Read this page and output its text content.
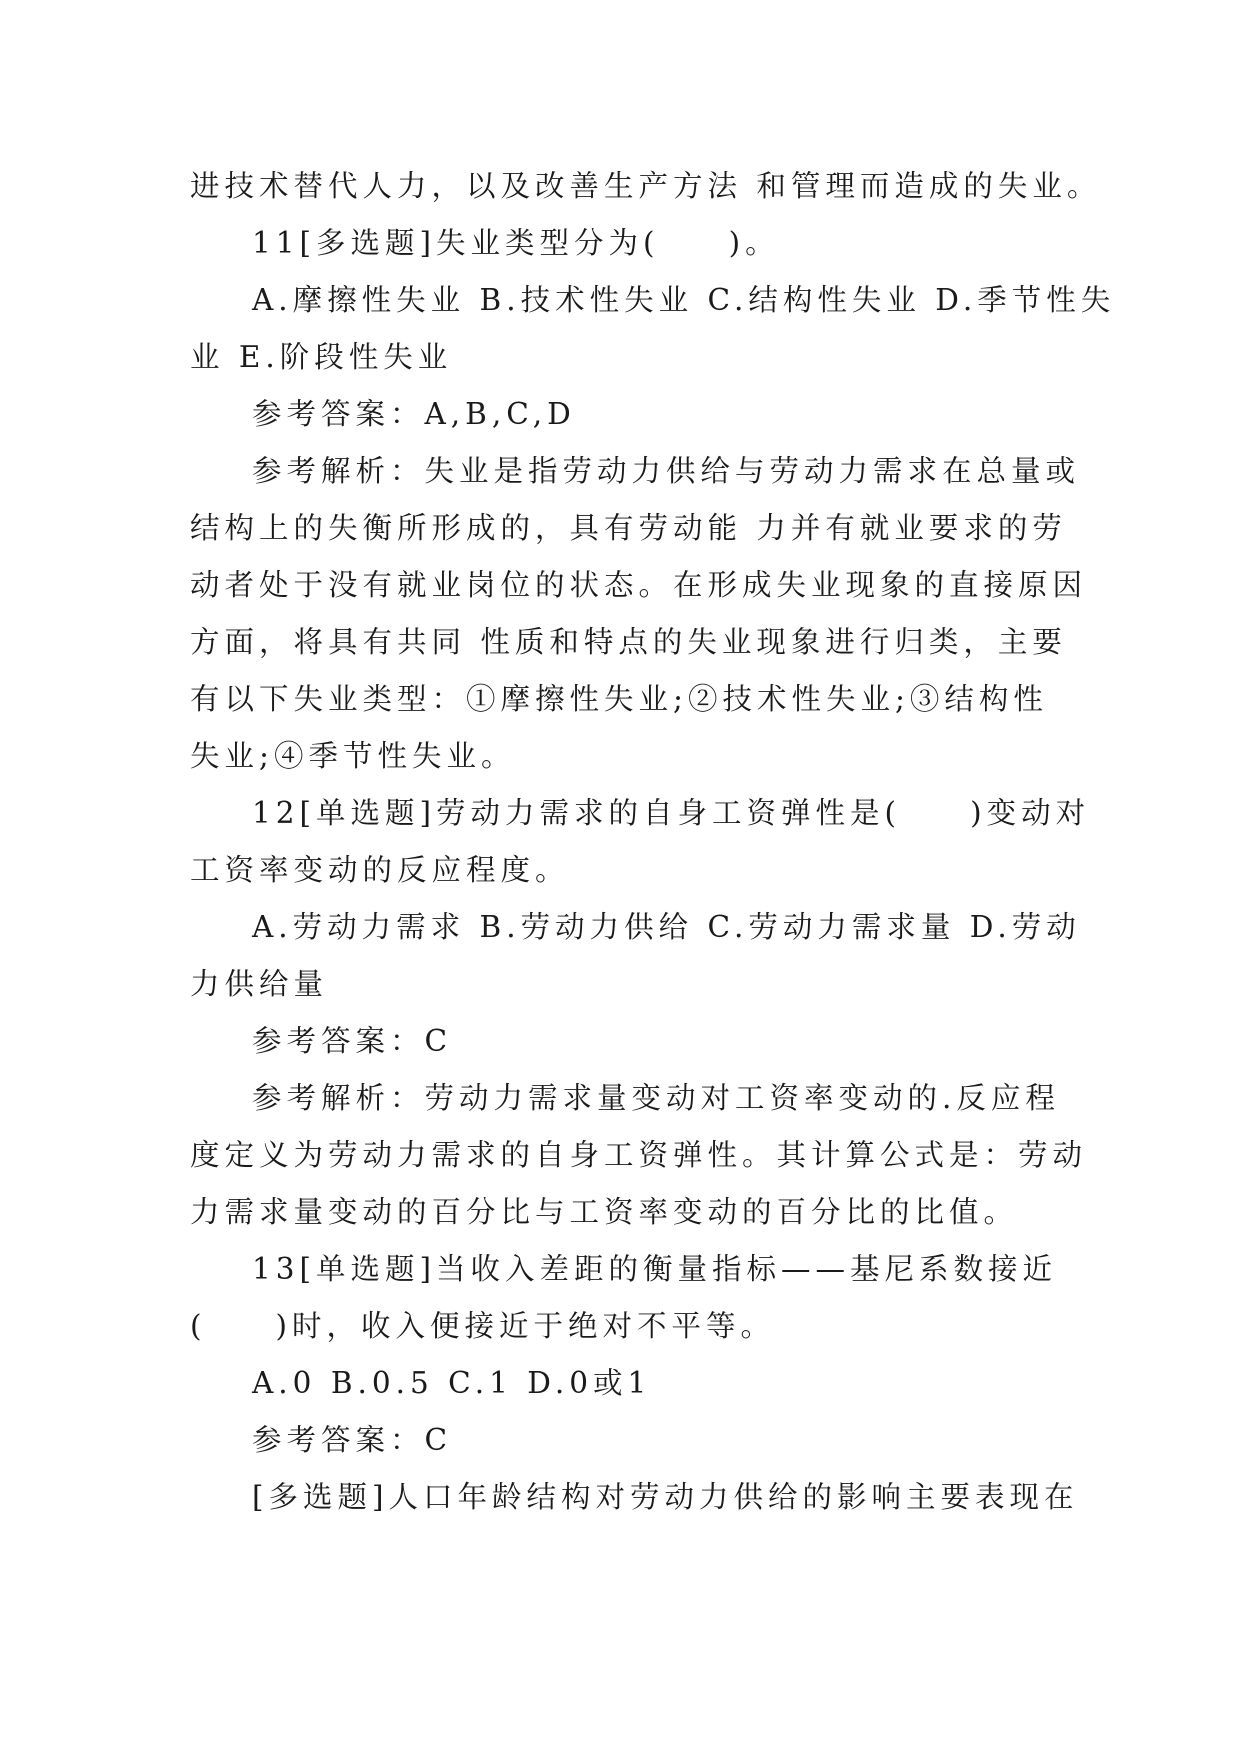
进技术替代人力，以及改善生产方法 和管理而造成的失业。
11[多选题]失业类型分为(　　)。
A.摩擦性失业 B.技术性失业 C.结构性失业 D.季节性失
业 E.阶段性失业
参考答案：A,B,C,D
参考解析：失业是指劳动力供给与劳动力需求在总量或
结构上的失衡所形成的，具有劳动能 力并有就业要求的劳
动者处于没有就业岗位的状态。在形成失业现象的直接原因
方面，将具有共同 性质和特点的失业现象进行归类，主要
有以下失业类型：①摩擦性失业;②技术性失业;③结构性
失业;④季节性失业。
12[单选题]劳动力需求的自身工资弹性是(　　)变动对
工资率变动的反应程度。
A.劳动力需求 B.劳动力供给 C.劳动力需求量 D.劳动
力供给量
参考答案：C
参考解析：劳动力需求量变动对工资率变动的.反应程
度定义为劳动力需求的自身工资弹性。其计算公式是：劳动
力需求量变动的百分比与工资率变动的百分比的比值。
13[单选题]当收入差距的衡量指标——基尼系数接近
(　　)时，收入便接近于绝对不平等。
A.0 B.0.5 C.1 D.0或1
参考答案：C
[多选题]人口年龄结构对劳动力供给的影响主要表现在
